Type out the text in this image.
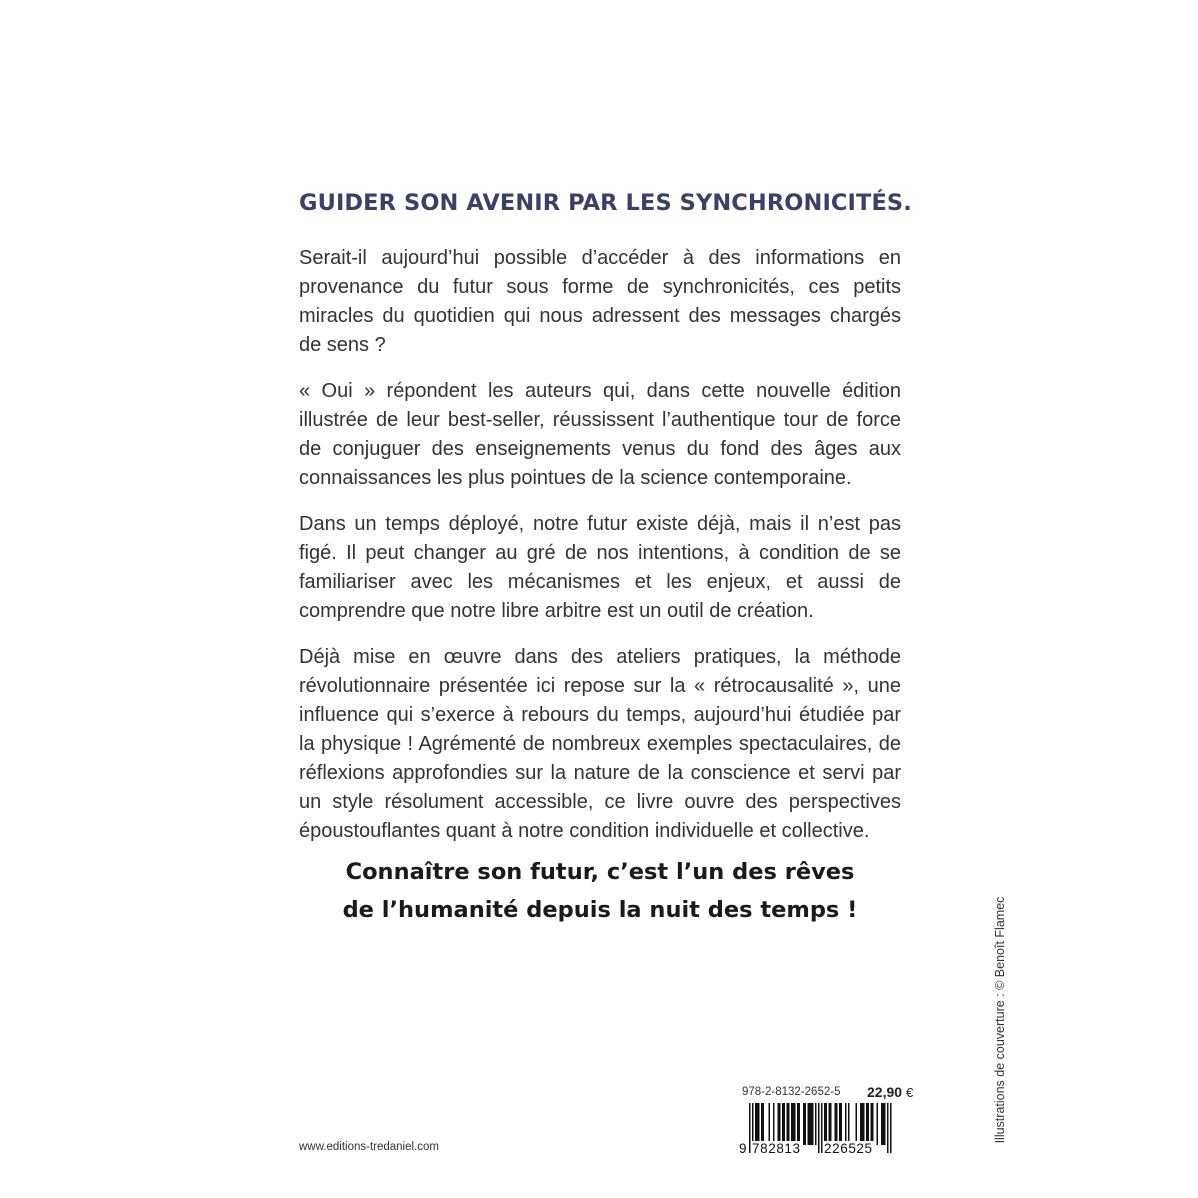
GUIDER SON AVENIR PAR LES SYNCHRONICITÉS.

Serait-il aujourd’hui possible d’accéder à des informations en provenance du futur sous forme de synchronicités, ces petits miracles du quotidien qui nous adressent des messages chargés de sens ?

« Oui » répondent les auteurs qui, dans cette nouvelle édition illustrée de leur best-seller, réussissent l’authentique tour de force de conjuguer des enseignements venus du fond des âges aux connaissances les plus pointues de la science contemporaine.

Dans un temps déployé, notre futur existe déjà, mais il n’est pas figé. Il peut changer au gré de nos intentions, à condition de se familiariser avec les mécanismes et les enjeux, et aussi de comprendre que notre libre arbitre est un outil de création.

Déjà mise en œuvre dans des ateliers pratiques, la méthode révolutionnaire présentée ici repose sur la « rétrocausalité », une influence qui s’exerce à rebours du temps, aujourd’hui étudiée par la physique ! Agrémenté de nombreux exemples spectaculaires, de réflexions approfondies sur la nature de la conscience et servi par un style résolument accessible, ce livre ouvre des perspectives époustouflantes quant à notre condition individuelle et collective.

Connaître son futur, c’est l’un des rêves
de l’humanité depuis la nuit des temps !	Illustrations de couverture : © Benoît Flamec
978-2-8132-2652-5 22,90 €
9 782813 226525
www.editions-tredaniel.com
